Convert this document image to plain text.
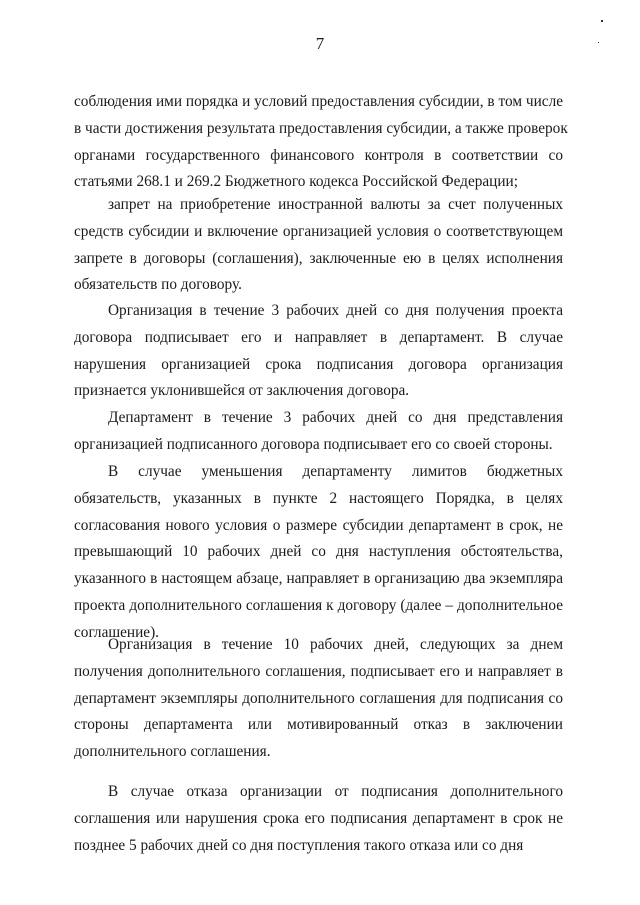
7
соблюдения ими порядка и условий предоставления субсидии, в том числе
в части достижения результата предоставления субсидии, а также проверок
органами государственного финансового контроля в соответствии со
статьями 268.1 и 269.2 Бюджетного кодекса Российской Федерации;
запрет на приобретение иностранной валюты за счет полученных
средств субсидии и включение организацией условия о соответствующем
запрете в договоры (соглашения), заключенные ею в целях исполнения
обязательств по договору.
Организация в течение 3 рабочих дней со дня получения проекта
договора подписывает его и направляет в департамент. В случае
нарушения организацией срока подписания договора организация
признается уклонившейся от заключения договора.
Департамент в течение 3 рабочих дней со дня представления
организацией подписанного договора подписывает его со своей стороны.
В случае уменьшения департаменту лимитов бюджетных
обязательств, указанных в пункте 2 настоящего Порядка, в целях
согласования нового условия о размере субсидии департамент в срок, не
превышающий 10 рабочих дней со дня наступления обстоятельства,
указанного в настоящем абзаце, направляет в организацию два экземпляра
проекта дополнительного соглашения к договору (далее – дополнительное
соглашение).
Организация в течение 10 рабочих дней, следующих за днем
получения дополнительного соглашения, подписывает его и направляет в
департамент экземпляры дополнительного соглашения для подписания со
стороны департамента или мотивированный отказ в заключении
дополнительного соглашения.
В случае отказа организации от подписания дополнительного
соглашения или нарушения срока его подписания департамент в срок не
позднее 5 рабочих дней со дня поступления такого отказа или со дня
